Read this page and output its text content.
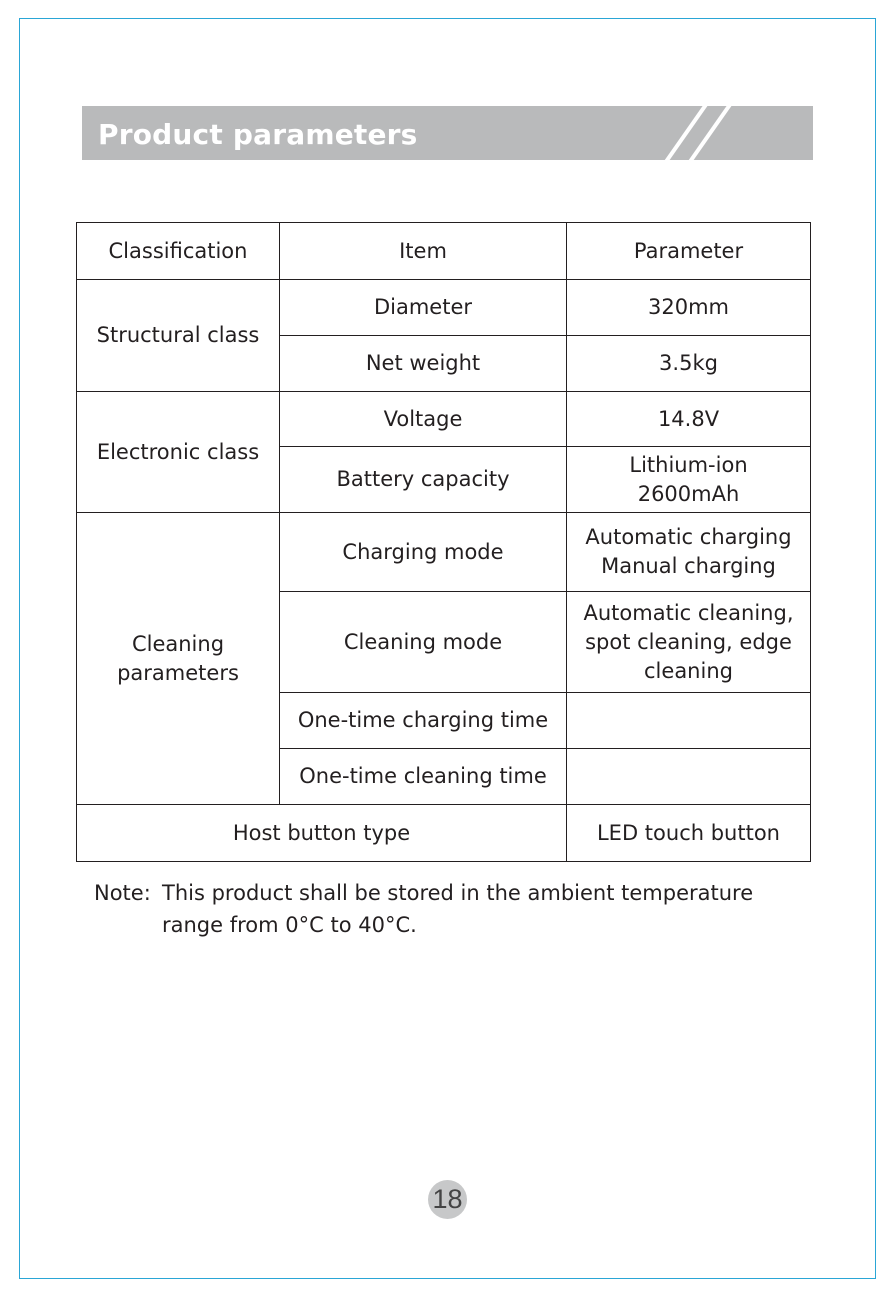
Product parameters
Classification	Item	Parameter
Structural class	Diameter	320mm
	Net weight	3.5kg
Electronic class	Voltage	14.8V
	Battery capacity	Lithium-ion
2600mAh
Cleaning
parameters	Charging mode	Automatic charging
Manual charging
	Cleaning mode	Automatic cleaning,
spot cleaning, edge
cleaning
	One-time charging time	
	One-time cleaning time	
Host button type		LED touch button
Note: This product shall be stored in the ambient temperature range from 0°C to 40°C.
18
